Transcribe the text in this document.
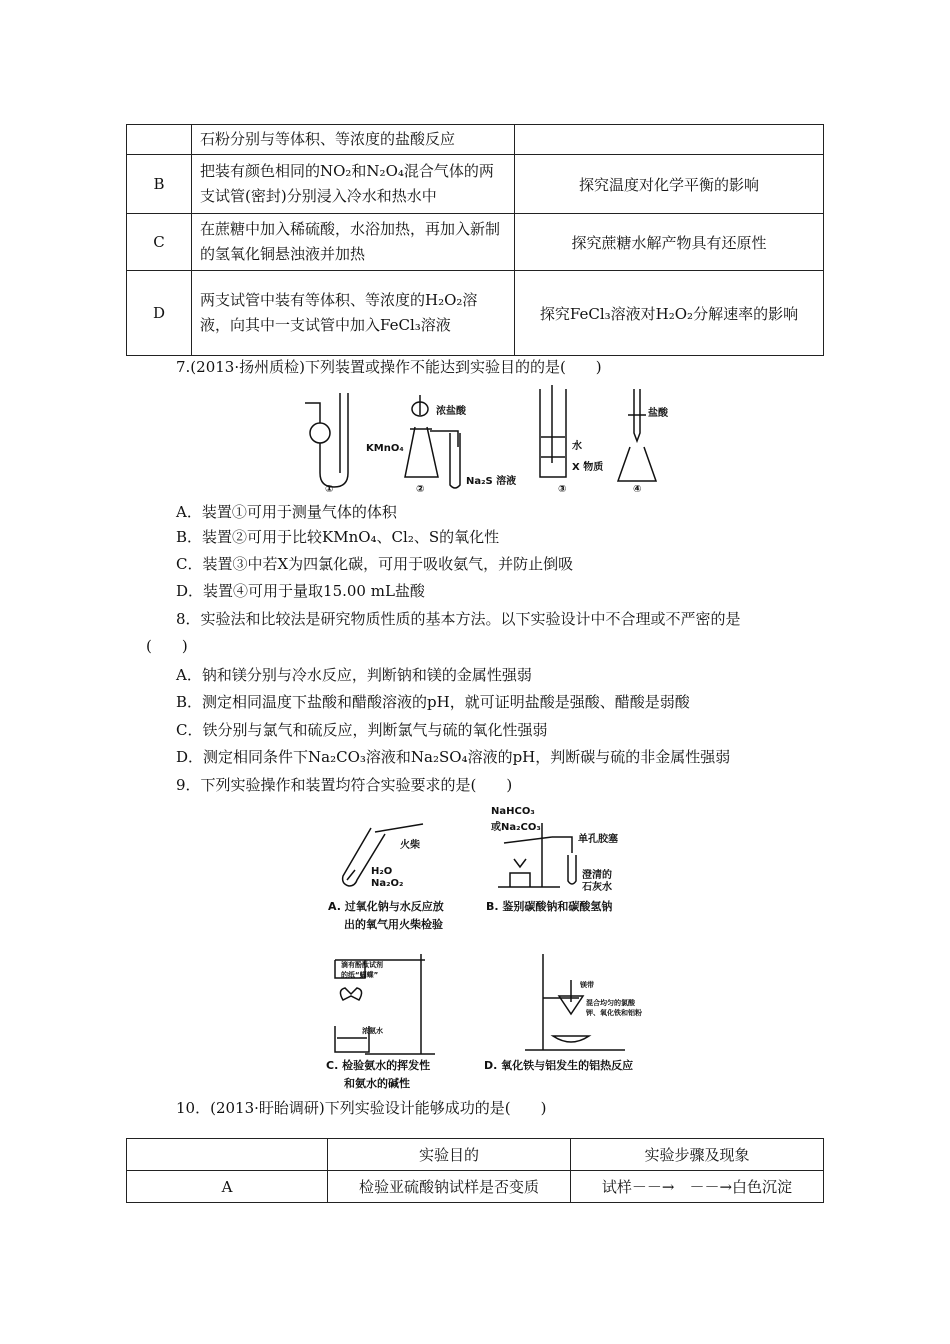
	石粉分别与等体积、等浓度的盐酸反应	
B	把装有颜色相同的NO₂和N₂O₄混合气体的两支试管(密封)分别浸入冷水和热水中	探究温度对化学平衡的影响
C	在蔗糖中加入稀硫酸，水浴加热，再加入新制的氢氧化铜悬浊液并加热	探究蔗糖水解产物具有还原性
D	两支试管中装有等体积、等浓度的H₂O₂溶液，向其中一支试管中加入FeCl₃溶液	探究FeCl₃溶液对H₂O₂分解速率的影响
7.(2013·扬州质检)下列装置或操作不能达到实验目的的是(　　)
①	②	③	④
浓盐酸
KMnO₄
Na₂S 溶液
水
X 物质
盐酸
A．装置①可用于测量气体的体积
B．装置②可用于比较KMnO₄、Cl₂、S的氧化性
C．装置③中若X为四氯化碳，可用于吸收氨气，并防止倒吸
D．装置④可用于量取15.00 mL盐酸
8．实验法和比较法是研究物质性质的基本方法。以下实验设计中不合理或不严密的是
(　　)
A．钠和镁分别与冷水反应，判断钠和镁的金属性强弱
B．测定相同温度下盐酸和醋酸溶液的pH，就可证明盐酸是强酸、醋酸是弱酸
C．铁分别与氯气和硫反应，判断氯气与硫的氧化性强弱
D．测定相同条件下Na₂CO₃溶液和Na₂SO₄溶液的pH，判断碳与硫的非金属性强弱
9．下列实验操作和装置均符合实验要求的是(　　)
火柴
H₂O
Na₂O₂
A. 过氧化钠与水反应放
出的氧气用火柴检验
NaHCO₃
或Na₂CO₃
单孔胶塞
澄清的
石灰水
B. 鉴别碳酸钠和碳酸氢钠
滴有酚酞试剂
的纸“蝴蝶”
浓氨水
C. 检验氨水的挥发性
和氨水的碱性
镁带
混合均匀的氯酸
钾、氧化铁和铝粉
D. 氧化铁与铝发生的铝热反应
10．(2013·盱眙调研)下列实验设计能够成功的是(　　)
	实验目的	实验步骤及现象
A	检验亚硫酸钠试样是否变质	试样－－→　－－→白色沉淀
